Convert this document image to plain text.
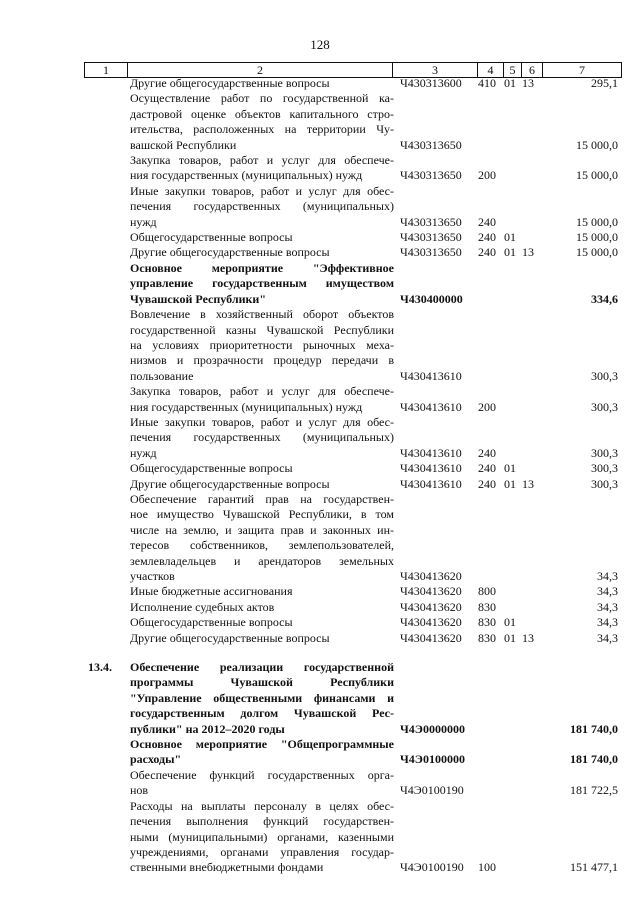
128
1	2	3	4	5	6	7
Другие общегосударственные вопросы	Ч430313600	410 01 13	295,1
Осуществление работ по государственной ка-
дастровой оценке объектов капитального стро-
ительства, расположенных на территории Чу-
вашской Республики	Ч430313650	15 000,0
Закупка товаров, работ и услуг для обеспече-
ния государственных (муниципальных) нужд	Ч430313650	200	15 000,0
Иные закупки товаров, работ и услуг для обес-
печения государственных (муниципальных)
нужд	Ч430313650	240	15 000,0
Общегосударственные вопросы	Ч430313650	240 01	15 000,0
Другие общегосударственные вопросы	Ч430313650	240 01 13	15 000,0
Основное мероприятие "Эффективное
управление государственным имуществом
Чувашской Республики"	Ч430400000	334,6
Вовлечение в хозяйственный оборот объектов
государственной казны Чувашской Республики
на условиях приоритетности рыночных меха-
низмов и прозрачности процедур передачи в
пользование	Ч430413610	300,3
Закупка товаров, работ и услуг для обеспече-
ния государственных (муниципальных) нужд	Ч430413610	200	300,3
Иные закупки товаров, работ и услуг для обес-
печения государственных (муниципальных)
нужд	Ч430413610	240	300,3
Общегосударственные вопросы	Ч430413610	240 01	300,3
Другие общегосударственные вопросы	Ч430413610	240 01 13	300,3
Обеспечение гарантий прав на государствен-
ное имущество Чувашской Республики, в том
числе на землю, и защита прав и законных ин-
тересов собственников, землепользователей,
землевладельцев и арендаторов земельных
участков	Ч430413620	34,3
Иные бюджетные ассигнования	Ч430413620	800	34,3
Исполнение судебных актов	Ч430413620	830	34,3
Общегосударственные вопросы	Ч430413620	830 01	34,3
Другие общегосударственные вопросы	Ч430413620	830 01 13	34,3
13.4.	Обеспечение реализации государственной
программы Чувашской Республики
"Управление общественными финансами и
государственным долгом Чувашской Рес-
публики" на 2012–2020 годы	Ч4Э0000000	181 740,0
Основное мероприятие "Общепрограммные
расходы"	Ч4Э0100000	181 740,0
Обеспечение функций государственных орга-
нов	Ч4Э0100190	181 722,5
Расходы на выплаты персоналу в целях обес-
печения выполнения функций государствен-
ными (муниципальными) органами, казенными
учреждениями, органами управления государ-
ственными внебюджетными фондами	Ч4Э0100190	100	151 477,1
